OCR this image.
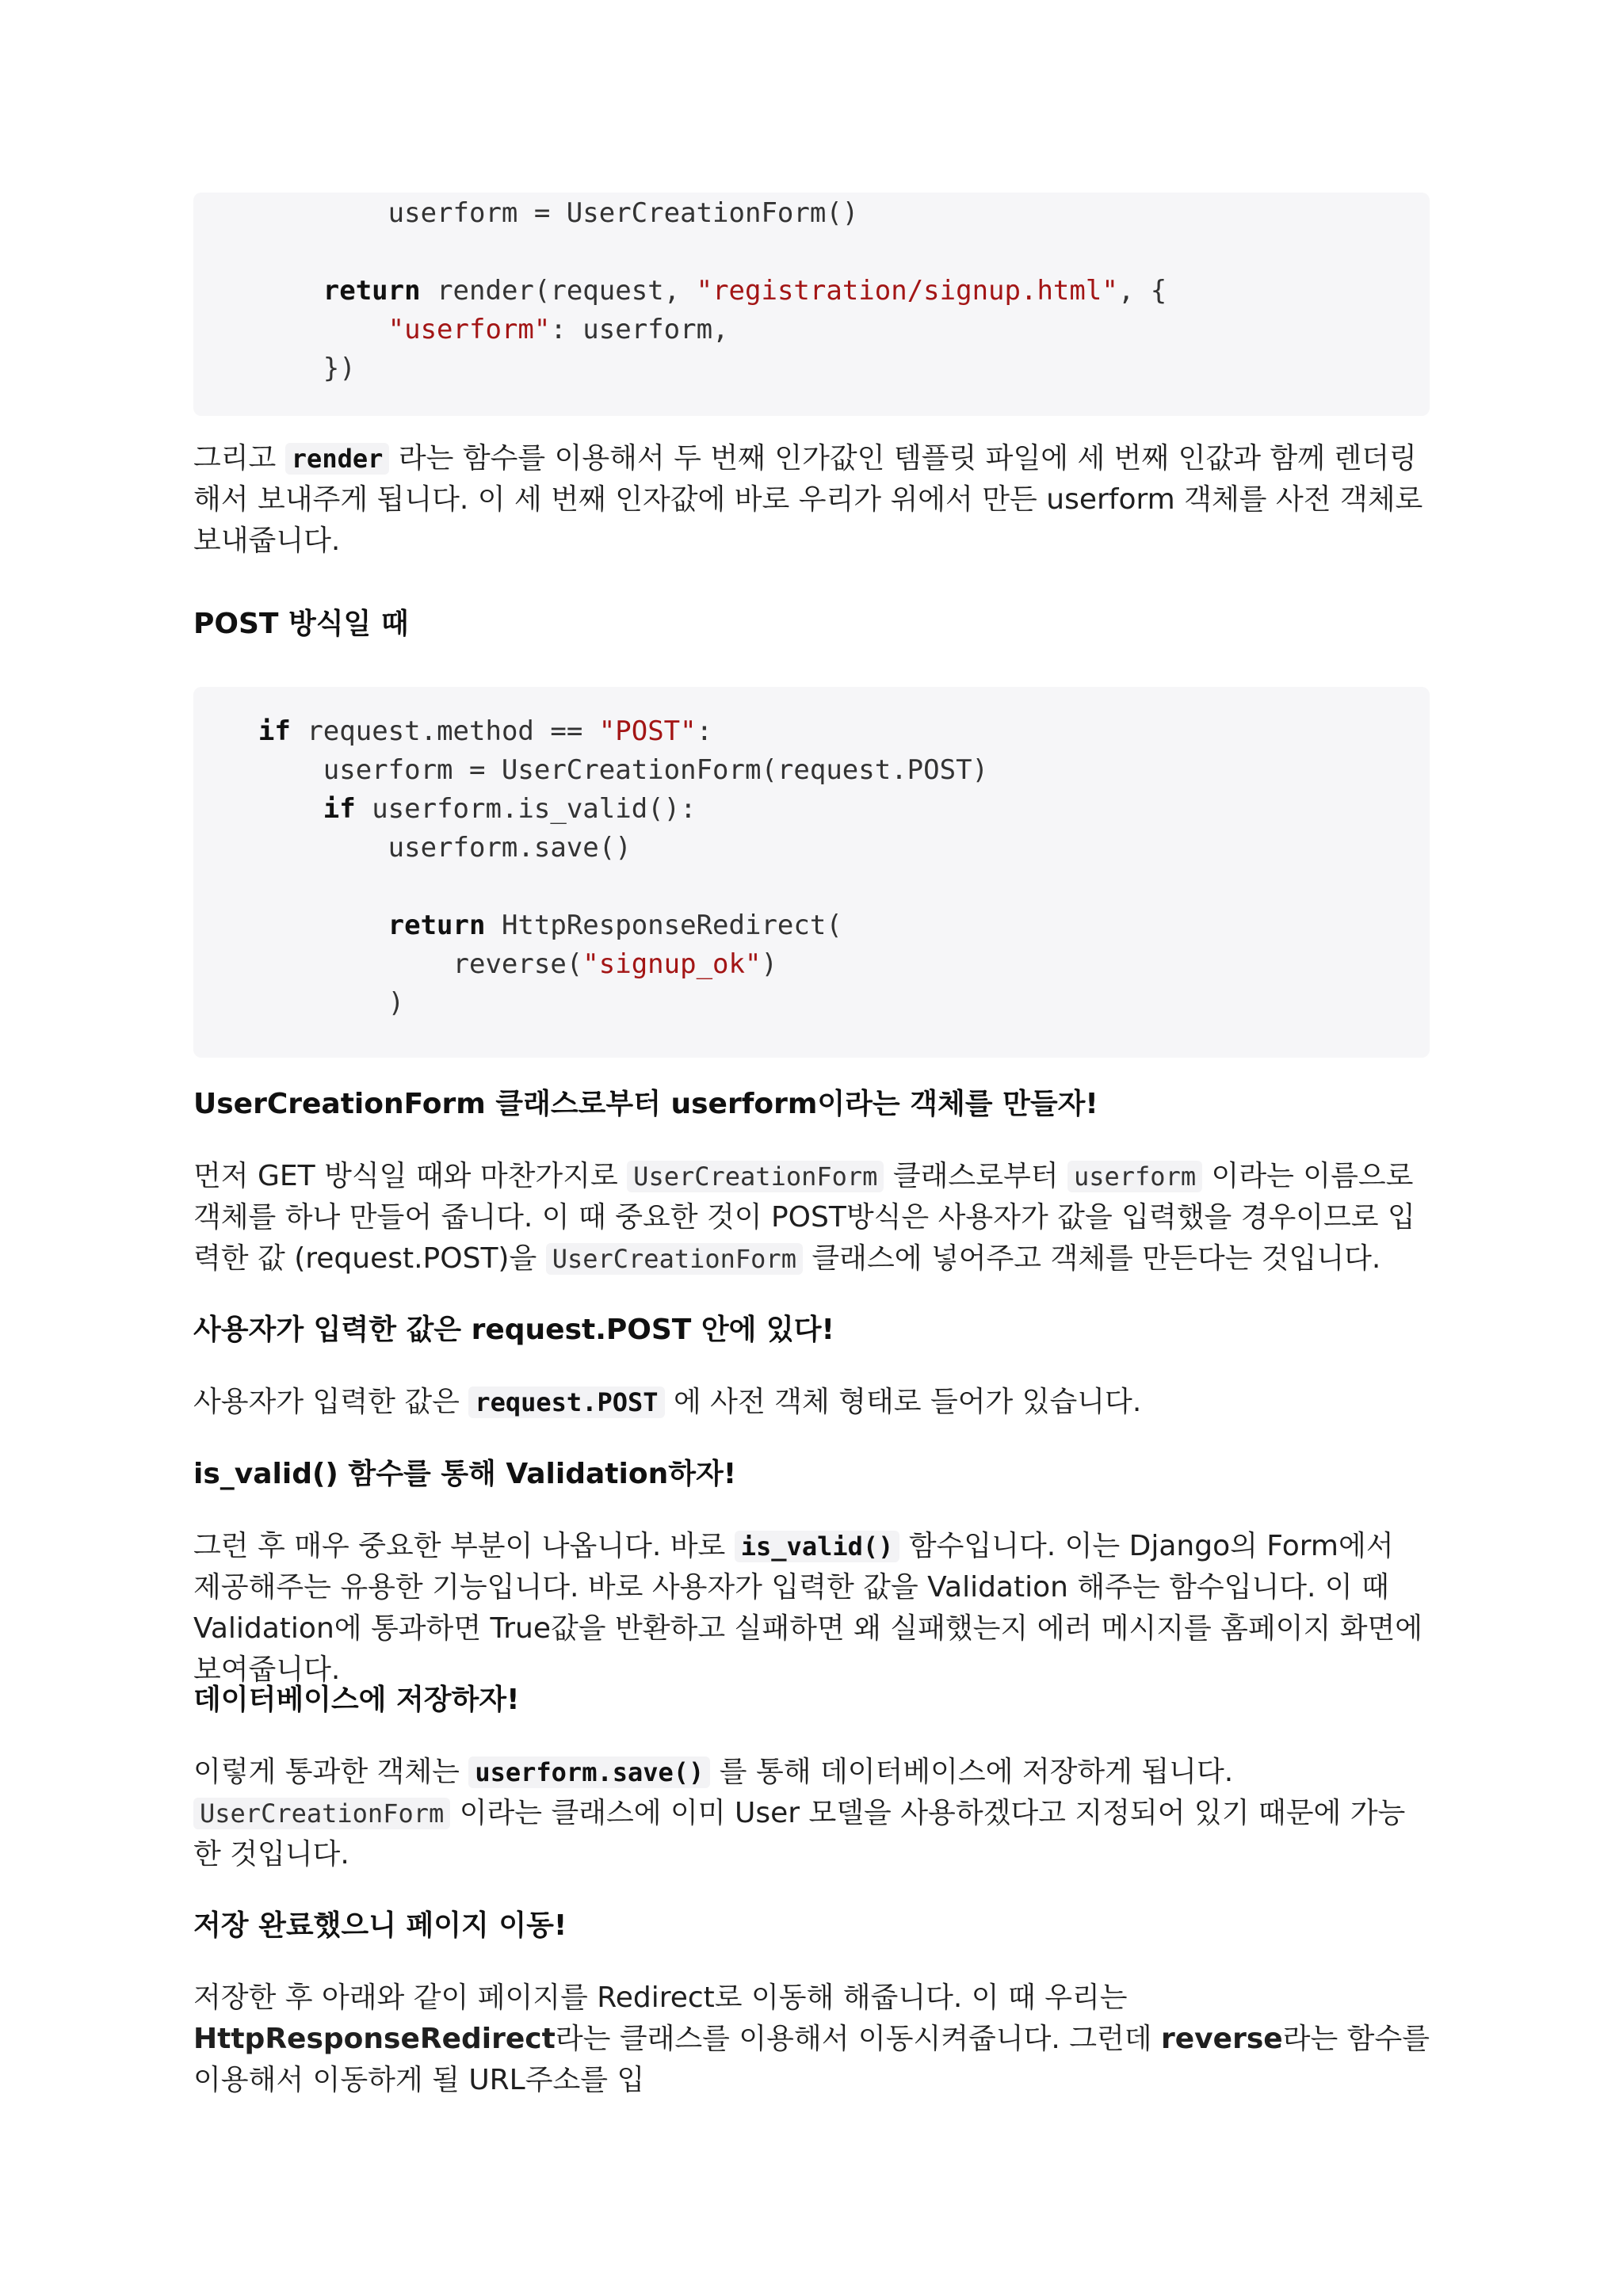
userform = UserCreationForm()

return render(request, "registration/signup.html", {
"userform": userform,
})
그리고 render 라는 함수를 이용해서 두 번째 인가값인 템플릿 파일에 세 번째 인값과 함께 렌더링해서 보내주게 됩니다. 이 세 번째 인자값에 바로 우리가 위에서 만든 userform 객체를 사전 객체로 보내줍니다.
POST 방식일 때
if request.method == "POST":
userform = UserCreationForm(request.POST)
if userform.is_valid():
userform.save()

return HttpResponseRedirect(
reverse("signup_ok")
)
UserCreationForm 클래스로부터 userform이라는 객체를 만들자!
먼저 GET 방식일 때와 마찬가지로 UserCreationForm 클래스로부터 userform 이라는 이름으로 객체를 하나 만들어 줍니다. 이 때 중요한 것이 POST방식은 사용자가 값을 입력했을 경우이므로 입력한 값 (request.POST)을 UserCreationForm 클래스에 넣어주고 객체를 만든다는 것입니다.
사용자가 입력한 값은 request.POST 안에 있다!
사용자가 입력한 값은 request.POST 에 사전 객체 형태로 들어가 있습니다.
is_valid() 함수를 통해 Validation하자!
그런 후 매우 중요한 부분이 나옵니다. 바로 is_valid() 함수입니다. 이는 Django의 Form에서 제공해주는 유용한 기능입니다. 바로 사용자가 입력한 값을 Validation 해주는 함수입니다. 이 때 Validation에 통과하면 True값을 반환하고 실패하면 왜 실패했는지 에러 메시지를 홈페이지 화면에 보여줍니다.
데이터베이스에 저장하자!
이렇게 통과한 객체는 userform.save() 를 통해 데이터베이스에 저장하게 됩니다.
UserCreationForm 이라는 클래스에 이미 User 모델을 사용하겠다고 지정되어 있기 때문에 가능한 것입니다.
저장 완료했으니 페이지 이동!
저장한 후 아래와 같이 페이지를 Redirect로 이동해 해줍니다. 이 때 우리는 HttpResponseRedirect라는 클래스를 이용해서 이동시켜줍니다. 그런데 reverse라는 함수를 이용해서 이동하게 될 URL주소를 입
